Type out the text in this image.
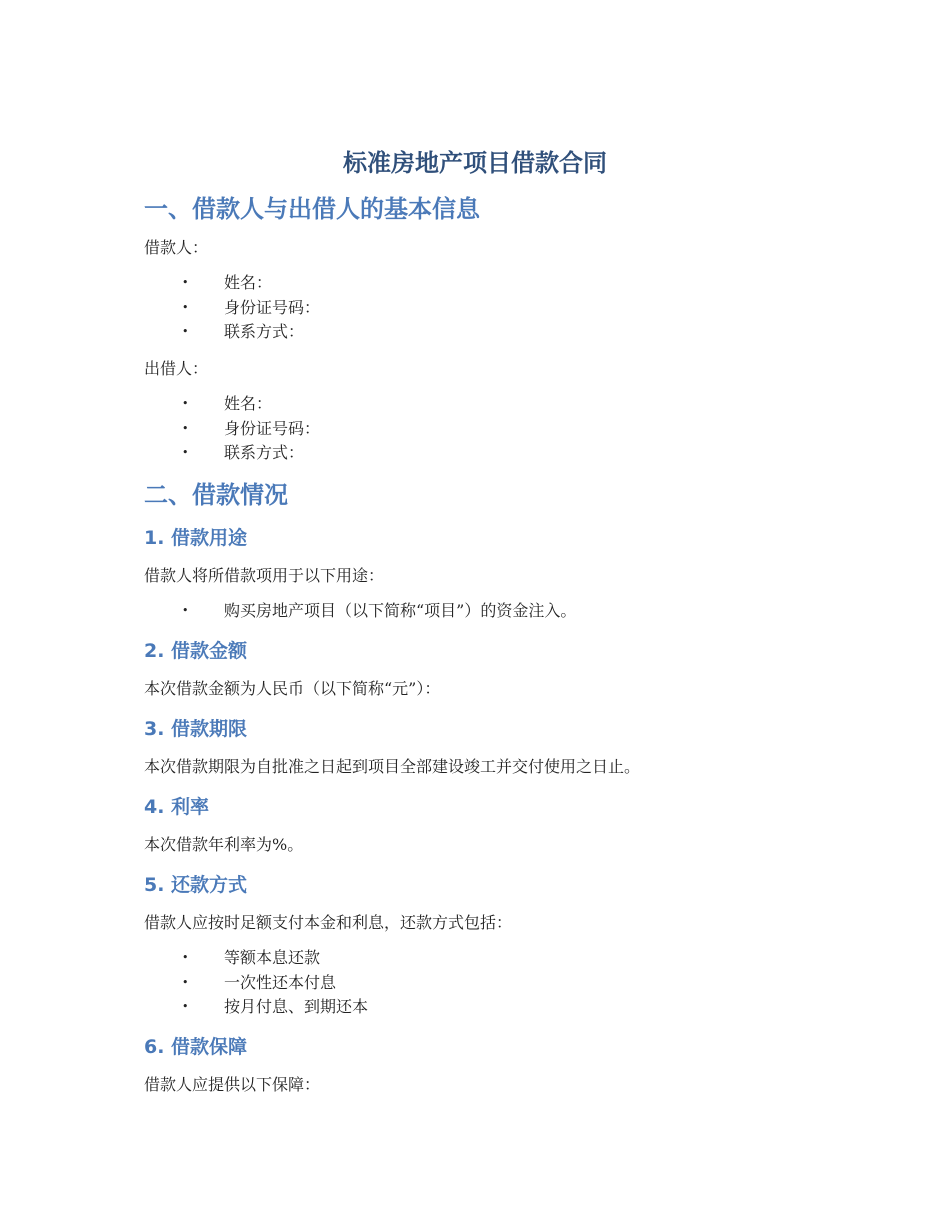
标准房地产项目借款合同
一、借款人与出借人的基本信息

借款人：

• 姓名：
• 身份证号码：
• 联系方式：

出借人：

• 姓名：
• 身份证号码：
• 联系方式：
二、借款情况
1. 借款用途

借款人将所借款项用于以下用途：

• 购买房地产项目（以下简称“项目”）的资金注入。
2. 借款金额

本次借款金额为人民币（以下简称“元”）：

3. 借款期限

本次借款期限为自批准之日起到项目全部建设竣工并交付使用之日止。

4. 利率

本次借款年利率为%。

5. 还款方式

借款人应按时足额支付本金和利息，还款方式包括：

• 等额本息还款
• 一次性还本付息
• 按月付息、到期还本
6. 借款保障

借款人应提供以下保障：
